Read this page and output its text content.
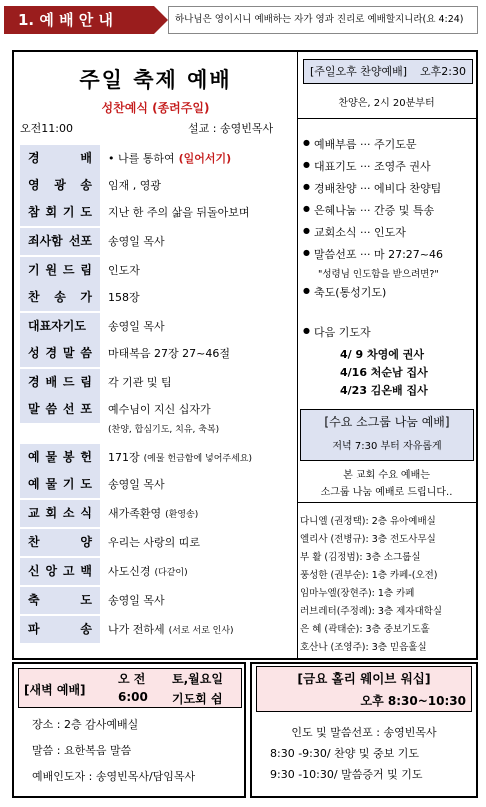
1. 예 배 안 내	하나님은 영이시니 예배하는 자가 영과 진리로 예배할지니라(요 4:24)
주일 축제 예배
성찬예식 (종려주일)
오전11:00	설교 : 송영빈목사
경 배	• 나를 통하여 (일어서기)
영 광 송	임재 , 영광
참 회 기 도	지난 한 주의 삶을 뒤돌아보며
죄사함 선포	송영일 목사
기 원 드 림	인도자
찬 송 가	158장
대표자기도	송영일 목사
성 경 말 씀	마태복음 27장 27~46절
경 배 드 림	각 기관 및 팀
말 씀 선 포	예수님이 지신 십자가
(찬양, 합심기도, 치유, 축복)
예 물 봉 헌	171장 (예물 헌금함에 넣어주세요)
예 물 기 도	송영일 목사
교 회 소 식	새가족환영 (환영송)
찬 양	우리는 사랑의 띠로
신 앙 고 백	사도신경 (다같이)
축 도	송영일 목사
파 송	나가 전하세 (서로 서로 인사)
[주일오후 찬양예배] 오후2:30
찬양은, 2시 20분부터
● 예배부름 ··· 주기도문
● 대표기도 ··· 조영주 권사
● 경배찬양 ··· 에비다 찬양팀
● 은혜나눔 ··· 간증 및 특송
● 교회소식 ··· 인도자
● 말씀선포 ··· 마 27:27~46
"성령님 인도함을 받으려면?"
● 축도(통성기도)
● 다음 기도자
4/ 9 차영에 권사
4/16 처순남 집사
4/23 김온배 집사
[수요 소그룹 나눔 예배]
저녁 7:30 부터 자유롭게
본 교회 수요 예배는
소그룹 나눔 예배로 드립니다..
다니엘 (권정택): 2층 유아예배실
엘리사 (전병규): 3층 전도사무실
부 활 (김정범): 3층 소그룹실
풍성한 (권부순): 1층 카페-(오전)
임마누엘(장현주): 1층 카페
러브레터(주정례): 3층 제자대학실
은 혜 (곽태순): 3층 중보기도홀
호산나 (조영주): 3층 믿음홀실
[새벽 예배]
오 전 토,월요일
6:00 기도회 쉼
장소 : 2층 감사예배실
말씀 : 요한복음 말씀
예배인도자 : 송영빈목사/담임목사
[금요 홀리 웨이브 워십]
오후 8:30~10:30
인도 및 말씀선포 : 송영빈목사
8:30 -9:30/ 찬양 및 중보 기도
9:30 -10:30/ 말씀증거 및 기도
